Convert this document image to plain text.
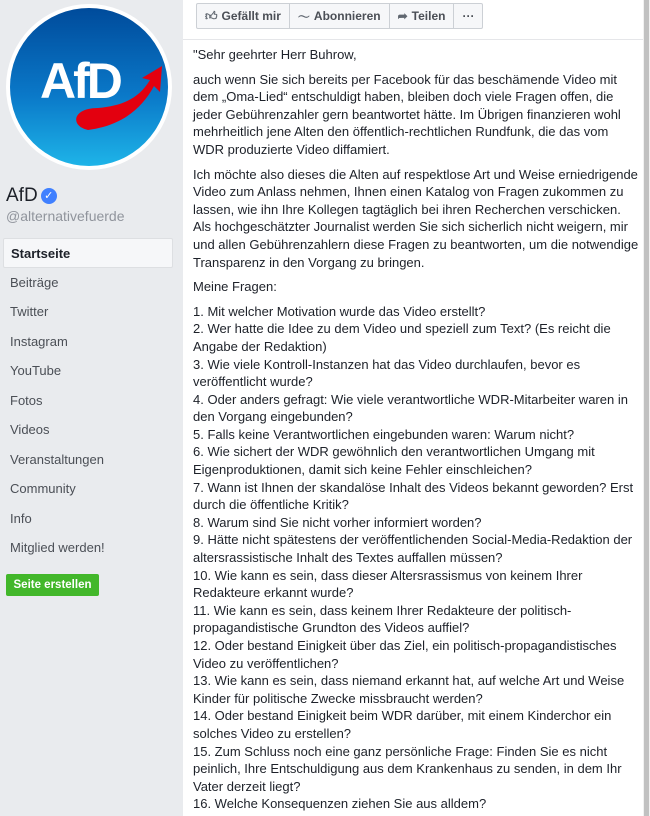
AfD
AfD ✓
@alternativefuerde
Startseite
Beiträge
Twitter
Instagram
YouTube
Fotos
Videos
Veranstaltungen
Community
Info
Mitglied werden!
Seite erstellen
👍︎ Gefällt mir 〜 Abonnieren ➦ Teilen ···

"Sehr geehrter Herr Buhrow,

auch wenn Sie sich bereits per Facebook für das beschämende Video mit dem „Oma-Lied“ entschuldigt haben, bleiben doch viele Fragen offen, die jeder Gebührenzahler gern beantwortet hätte. Im Übrigen finanzieren wohl mehrheitlich jene Alten den öffentlich-rechtlichen Rundfunk, die das vom WDR produzierte Video diffamiert.

Ich möchte also dieses die Alten auf respektlose Art und Weise erniedrigende Video zum Anlass nehmen, Ihnen einen Katalog von Fragen zukommen zu lassen, wie ihn Ihre Kollegen tagtäglich bei ihren Recherchen verschicken. Als hochgeschätzter Journalist werden Sie sich sicherlich nicht weigern, mir und allen Gebührenzahlern diese Fragen zu beantworten, um die notwendige Transparenz in den Vorgang zu bringen.

Meine Fragen:

1. Mit welcher Motivation wurde das Video erstellt?
2. Wer hatte die Idee zu dem Video und speziell zum Text? (Es reicht die Angabe der Redaktion)
3. Wie viele Kontroll-Instanzen hat das Video durchlaufen, bevor es veröffentlicht wurde?
4. Oder anders gefragt: Wie viele verantwortliche WDR-Mitarbeiter waren in den Vorgang eingebunden?
5. Falls keine Verantwortlichen eingebunden waren: Warum nicht?
6. Wie sichert der WDR gewöhnlich den verantwortlichen Umgang mit Eigenproduktionen, damit sich keine Fehler einschleichen?
7. Wann ist Ihnen der skandalöse Inhalt des Videos bekannt geworden? Erst durch die öffentliche Kritik?
8. Warum sind Sie nicht vorher informiert worden?
9. Hätte nicht spätestens der veröffentlichenden Social-Media-Redaktion der altersrassistische Inhalt des Textes auffallen müssen?
10. Wie kann es sein, dass dieser Altersrassismus von keinem Ihrer Redakteure erkannt wurde?
11. Wie kann es sein, dass keinem Ihrer Redakteure der politisch-propagandistische Grundton des Videos auffiel?
12. Oder bestand Einigkeit über das Ziel, ein politisch-propagandistisches Video zu veröffentlichen?
13. Wie kann es sein, dass niemand erkannt hat, auf welche Art und Weise Kinder für politische Zwecke missbraucht werden?
14. Oder bestand Einigkeit beim WDR darüber, mit einem Kinderchor ein solches Video zu erstellen?
15. Zum Schluss noch eine ganz persönliche Frage: Finden Sie es nicht peinlich, Ihre Entschuldigung aus dem Krankenhaus zu senden, in dem Ihr Vater derzeit liegt?
16. Welche Konsequenzen ziehen Sie aus alldem?
